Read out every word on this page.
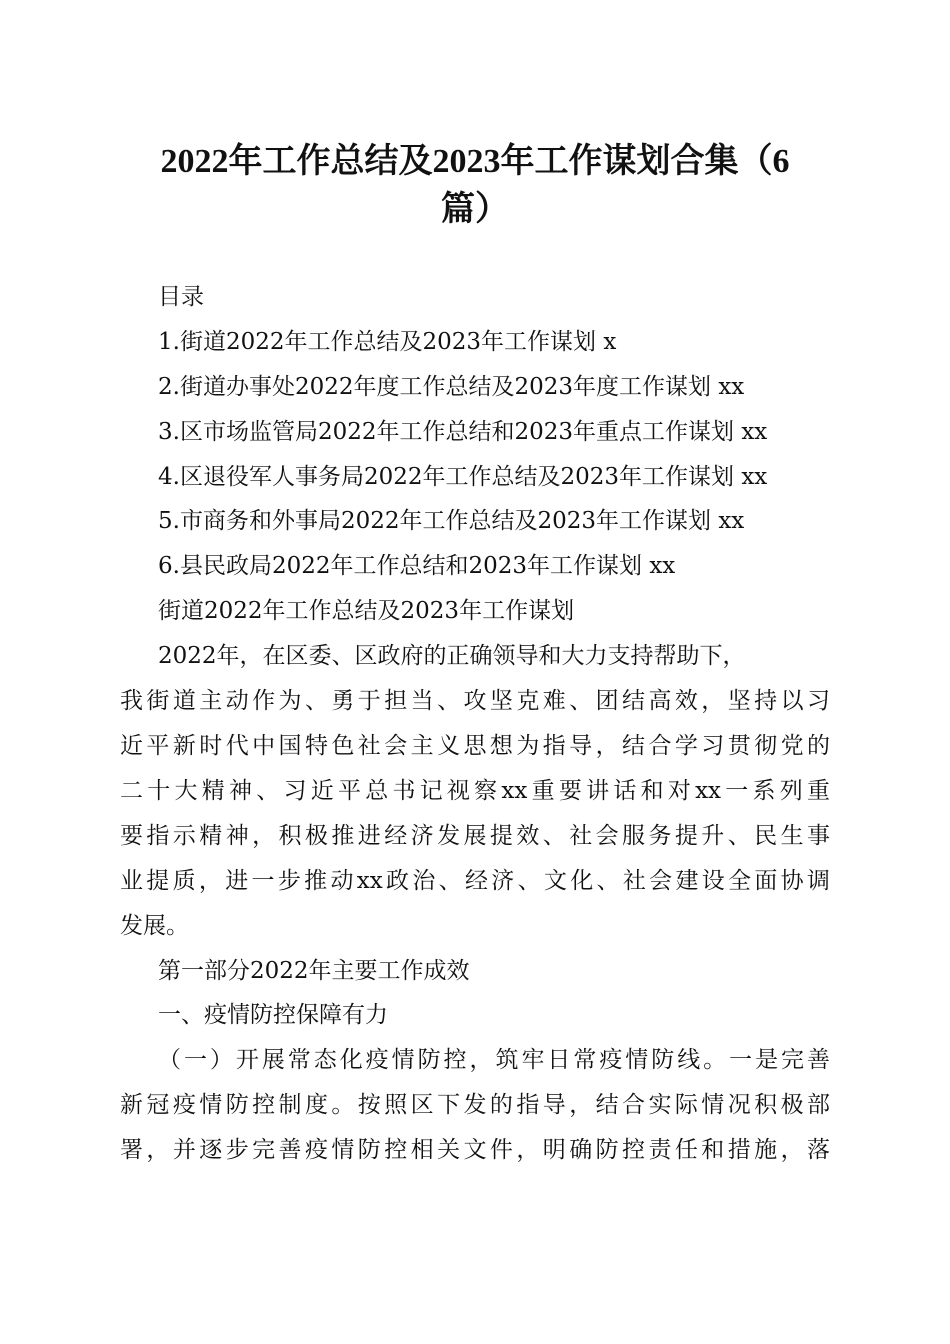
2022年工作总结及2023年工作谋划合集（6
篇）
目录
1.街道2022年工作总结及2023年工作谋划 x
2.街道办事处2022年度工作总结及2023年度工作谋划 xx
3.区市场监管局2022年工作总结和2023年重点工作谋划 xx
4.区退役军人事务局2022年工作总结及2023年工作谋划 xx
5.市商务和外事局2022年工作总结及2023年工作谋划 xx
6.县民政局2022年工作总结和2023年工作谋划 xx
街道2022年工作总结及2023年工作谋划
2022年，在区委、区政府的正确领导和大力支持帮助下，
我街道主动作为、勇于担当、攻坚克难、团结高效，坚持以习
近平新时代中国特色社会主义思想为指导，结合学习贯彻党的
二十大精神、习近平总书记视察xx重要讲话和对xx一系列重
要指示精神，积极推进经济发展提效、社会服务提升、民生事
业提质，进一步推动xx政治、经济、文化、社会建设全面协调
发展。
第一部分2022年主要工作成效
一、疫情防控保障有力
（一）开展常态化疫情防控，筑牢日常疫情防线。一是完善
新冠疫情防控制度。按照区下发的指导，结合实际情况积极部
署，并逐步完善疫情防控相关文件，明确防控责任和措施，落
